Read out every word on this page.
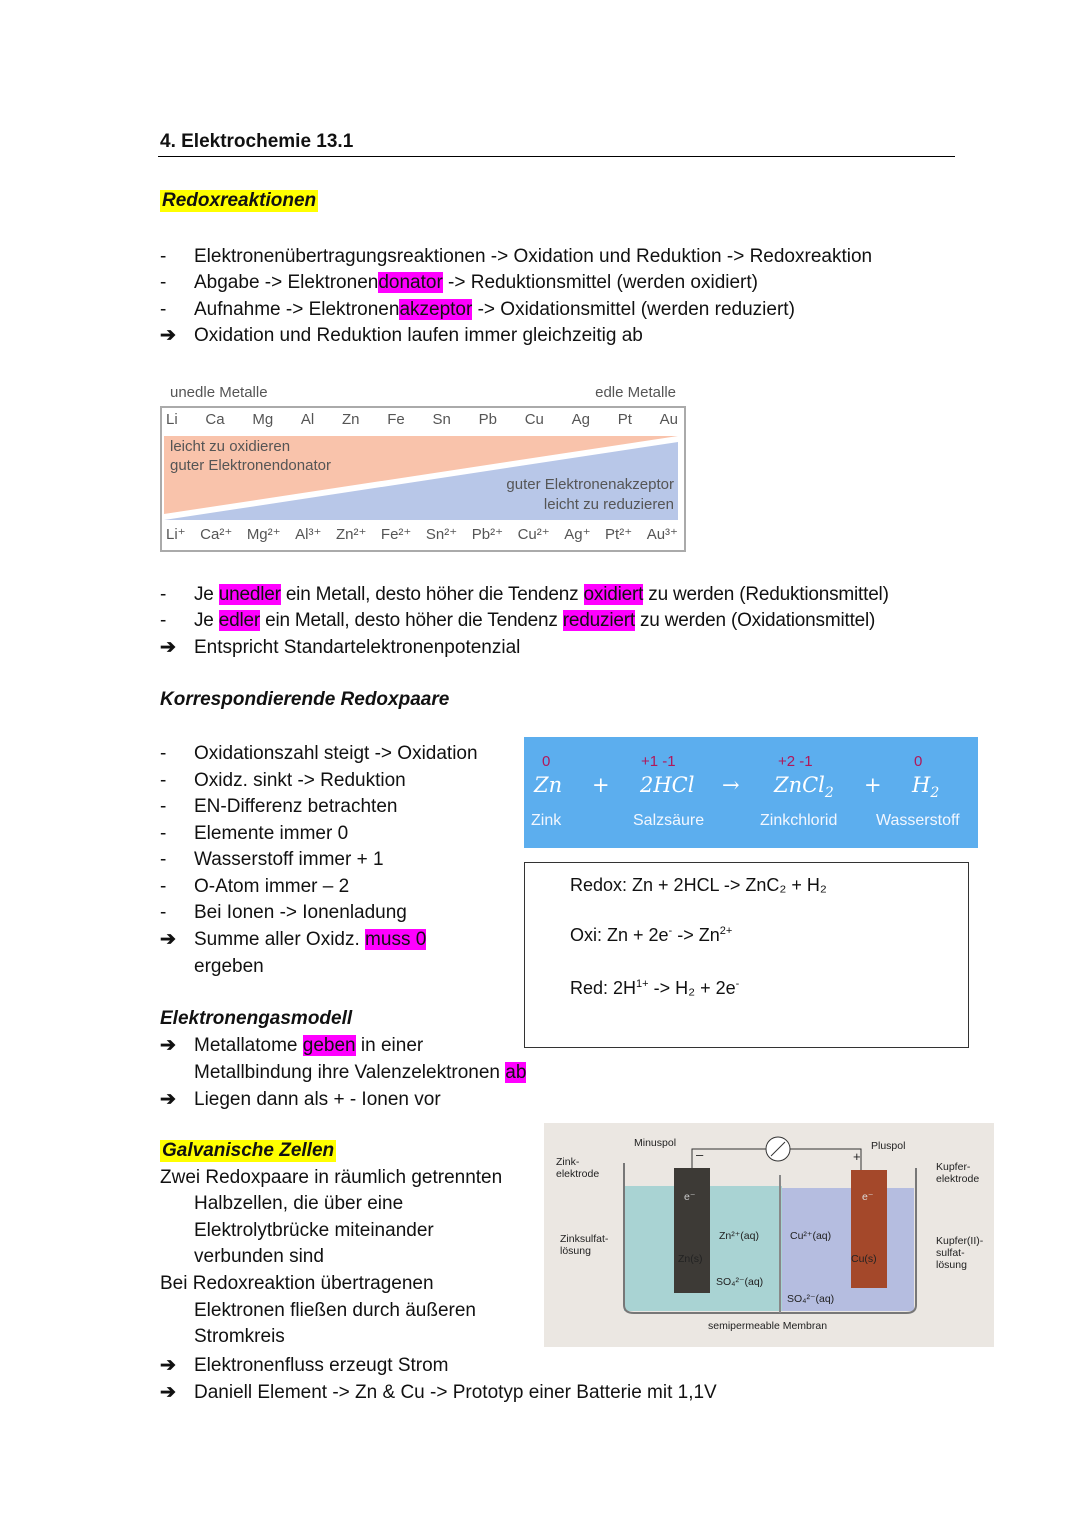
4. Elektrochemie 13.1
Redoxreaktionen
- Elektronenübertragungsreaktionen -> Oxidation und Reduktion -> Redoxreaktion
- Abgabe -> Elektronendonator -> Reduktionsmittel (werden oxidiert)
- Aufnahme -> Elektronenakzeptor -> Oxidationsmittel (werden reduziert)
➔ Oxidation und Reduktion laufen immer gleichzeitig ab
unedle Metalle	edle Metalle
Li Ca Mg Al Zn Fe Sn Pb Cu Ag Pt Au
leicht zu oxidieren
guter Elektronendonator
guter Elektronenakzeptor
leicht zu reduzieren
Li⁺ Ca²⁺ Mg²⁺ Al³⁺ Zn²⁺ Fe²⁺ Sn²⁺ Pb²⁺ Cu²⁺ Ag⁺ Pt²⁺ Au³⁺
- Je unedler ein Metall, desto höher die Tendenz oxidiert zu werden (Reduktionsmittel)
- Je edler ein Metall, desto höher die Tendenz reduziert zu werden (Oxidationsmittel)
➔ Entspricht Standartelektronenpotenzial
Korrespondierende Redoxpaare
- Oxidationszahl steigt -> Oxidation
- Oxidz. sinkt -> Reduktion
- EN-Differenz betrachten
- Elemente immer 0
- Wasserstoff immer + 1
- O-Atom immer – 2
- Bei Ionen -> Ionenladung
➔ Summe aller Oxidz. muss 0
ergeben
0	+1 -1	+2 -1	0
Zn + 2HCl → ZnCl$_2$ + $H_2$
Zink	Salzsäure	Zinkchlorid Wasserstoff
Redox: Zn + 2HCL -> ZnC₂ + H₂
Oxi: $Zn + 2e^- -> Zn^{2+}$
Red: $2H^{1+} -> H_2 + 2e^-$
Elektronengasmodell
➔ Metallatome geben in einer
Metallbindung ihre Valenzelektronen ab
➔ Liegen dann als + - Ionen vor
Galvanische Zellen
Zwei Redoxpaare in räumlich getrennten
Halbzellen, die über eine
Elektrolytbrücke miteinander
verbunden sind
Bei Redoxreaktion übertragenen
Elektronen fließen durch äußeren
Stromkreis
➔ Elektronenfluss erzeugt Strom
➔ Daniell Element -> Zn & Cu -> Prototyp einer Batterie mit 1,1V
Minuspol	Pluspol
–	+
Zink-
elektrode
Kupfer-
elektrode
Zinksulfat-
lösung
Kupfer(II)-
sulfat-
lösung
e⁻	e⁻
Zn²⁺(aq)	Cu²⁺(aq)
Zn(s)	Cu(s)
SO₄²⁻(aq)
SO₄²⁻(aq)
semipermeable Membran
